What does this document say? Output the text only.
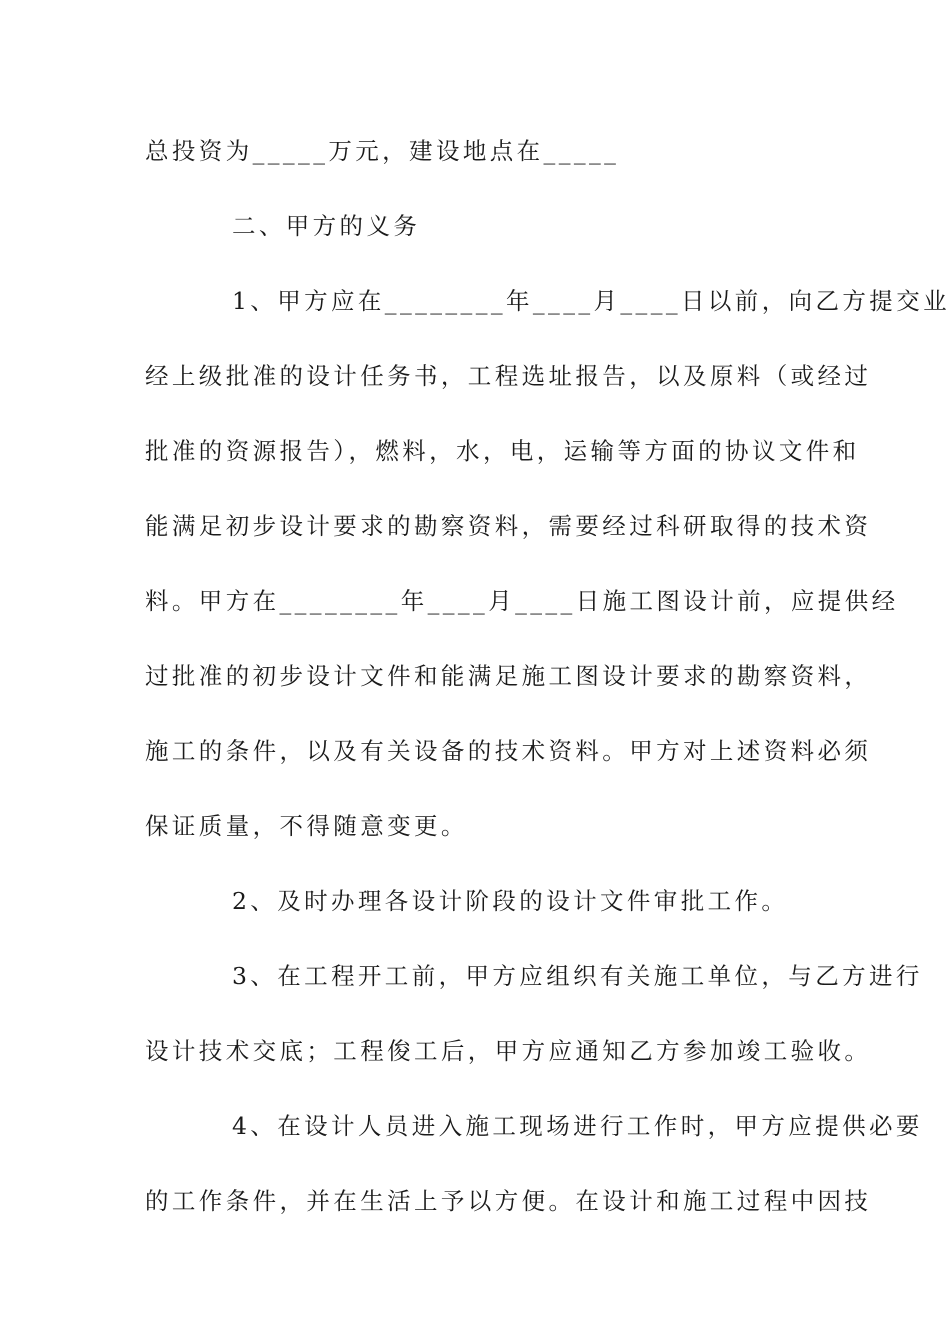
总投资为_____万元，建设地点在_____
二、甲方的义务
1、甲方应在________年____月____日以前，向乙方提交业
经上级批准的设计任务书，工程选址报告，以及原料（或经过
批准的资源报告），燃料，水，电，运输等方面的协议文件和
能满足初步设计要求的勘察资料，需要经过科研取得的技术资
料。甲方在________年____月____日施工图设计前，应提供经
过批准的初步设计文件和能满足施工图设计要求的勘察资料，
施工的条件，以及有关设备的技术资料。甲方对上述资料必须
保证质量，不得随意变更。
2、及时办理各设计阶段的设计文件审批工作。
3、在工程开工前，甲方应组织有关施工单位，与乙方进行
设计技术交底；工程俊工后，甲方应通知乙方参加竣工验收。
4、在设计人员进入施工现场进行工作时，甲方应提供必要
的工作条件，并在生活上予以方便。在设计和施工过程中因技
